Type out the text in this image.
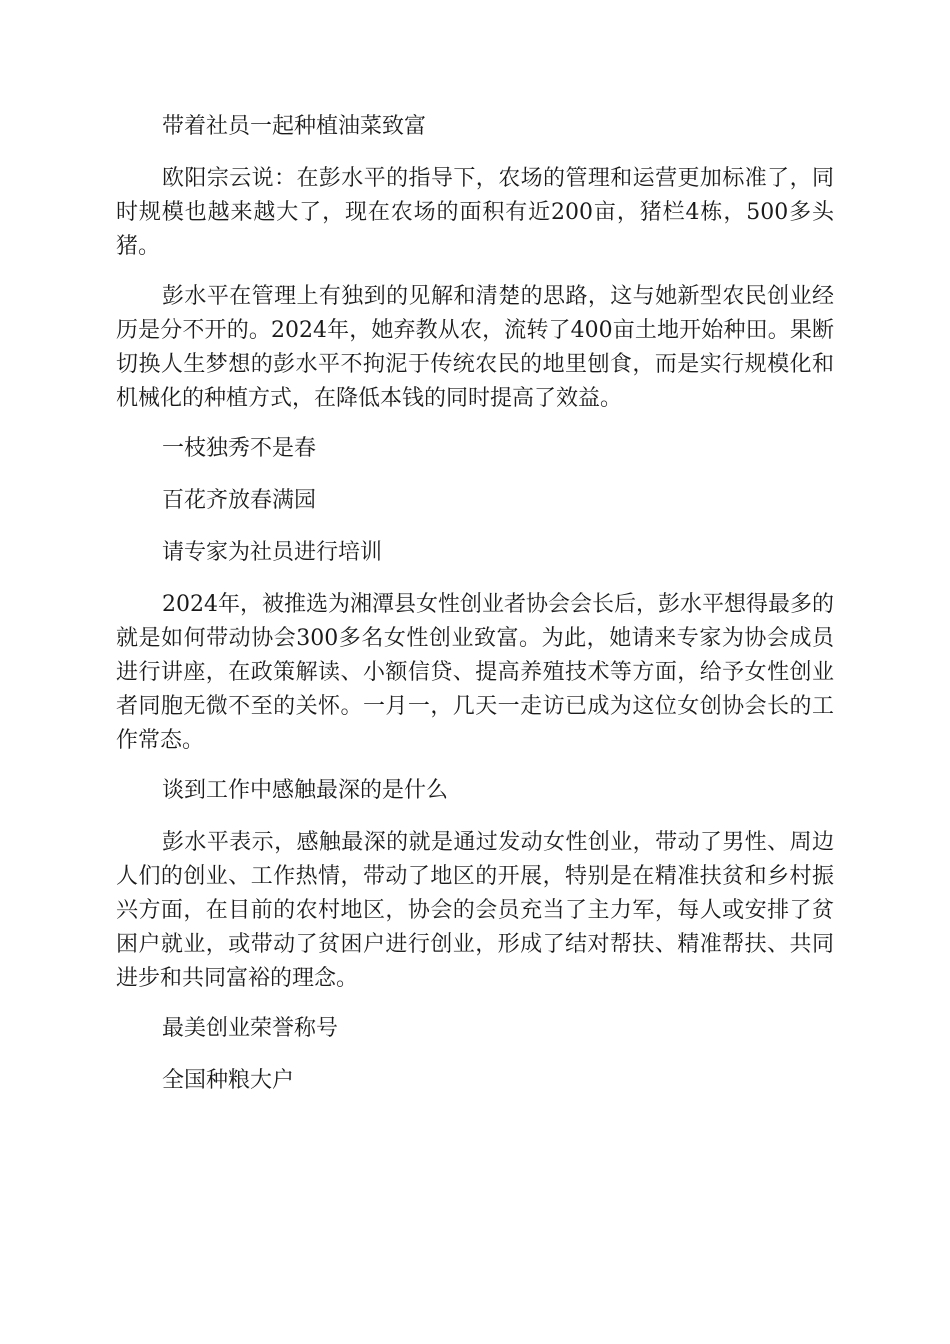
带着社员一起种植油菜致富

欧阳宗云说：在彭水平的指导下，农场的管理和运营更加标准了，同时规模也越来越大了，现在农场的面积有近200亩，猪栏4栋，500多头猪。

彭水平在管理上有独到的见解和清楚的思路，这与她新型农民创业经历是分不开的。2024年，她弃教从农，流转了400亩土地开始种田。果断切换人生梦想的彭水平不拘泥于传统农民的地里刨食，而是实行规模化和机械化的种植方式，在降低本钱的同时提高了效益。

一枝独秀不是春

百花齐放春满园

请专家为社员进行培训

2024年，被推选为湘潭县女性创业者协会会长后，彭水平想得最多的就是如何带动协会300多名女性创业致富。为此，她请来专家为协会成员进行讲座，在政策解读、小额信贷、提高养殖技术等方面，给予女性创业者同胞无微不至的关怀。一月一，几天一走访已成为这位女创协会长的工作常态。

谈到工作中感触最深的是什么

彭水平表示，感触最深的就是通过发动女性创业，带动了男性、周边人们的创业、工作热情，带动了地区的开展，特别是在精准扶贫和乡村振兴方面，在目前的农村地区，协会的会员充当了主力军，每人或安排了贫困户就业，或带动了贫困户进行创业，形成了结对帮扶、精准帮扶、共同进步和共同富裕的理念。

最美创业荣誉称号

全国种粮大户
